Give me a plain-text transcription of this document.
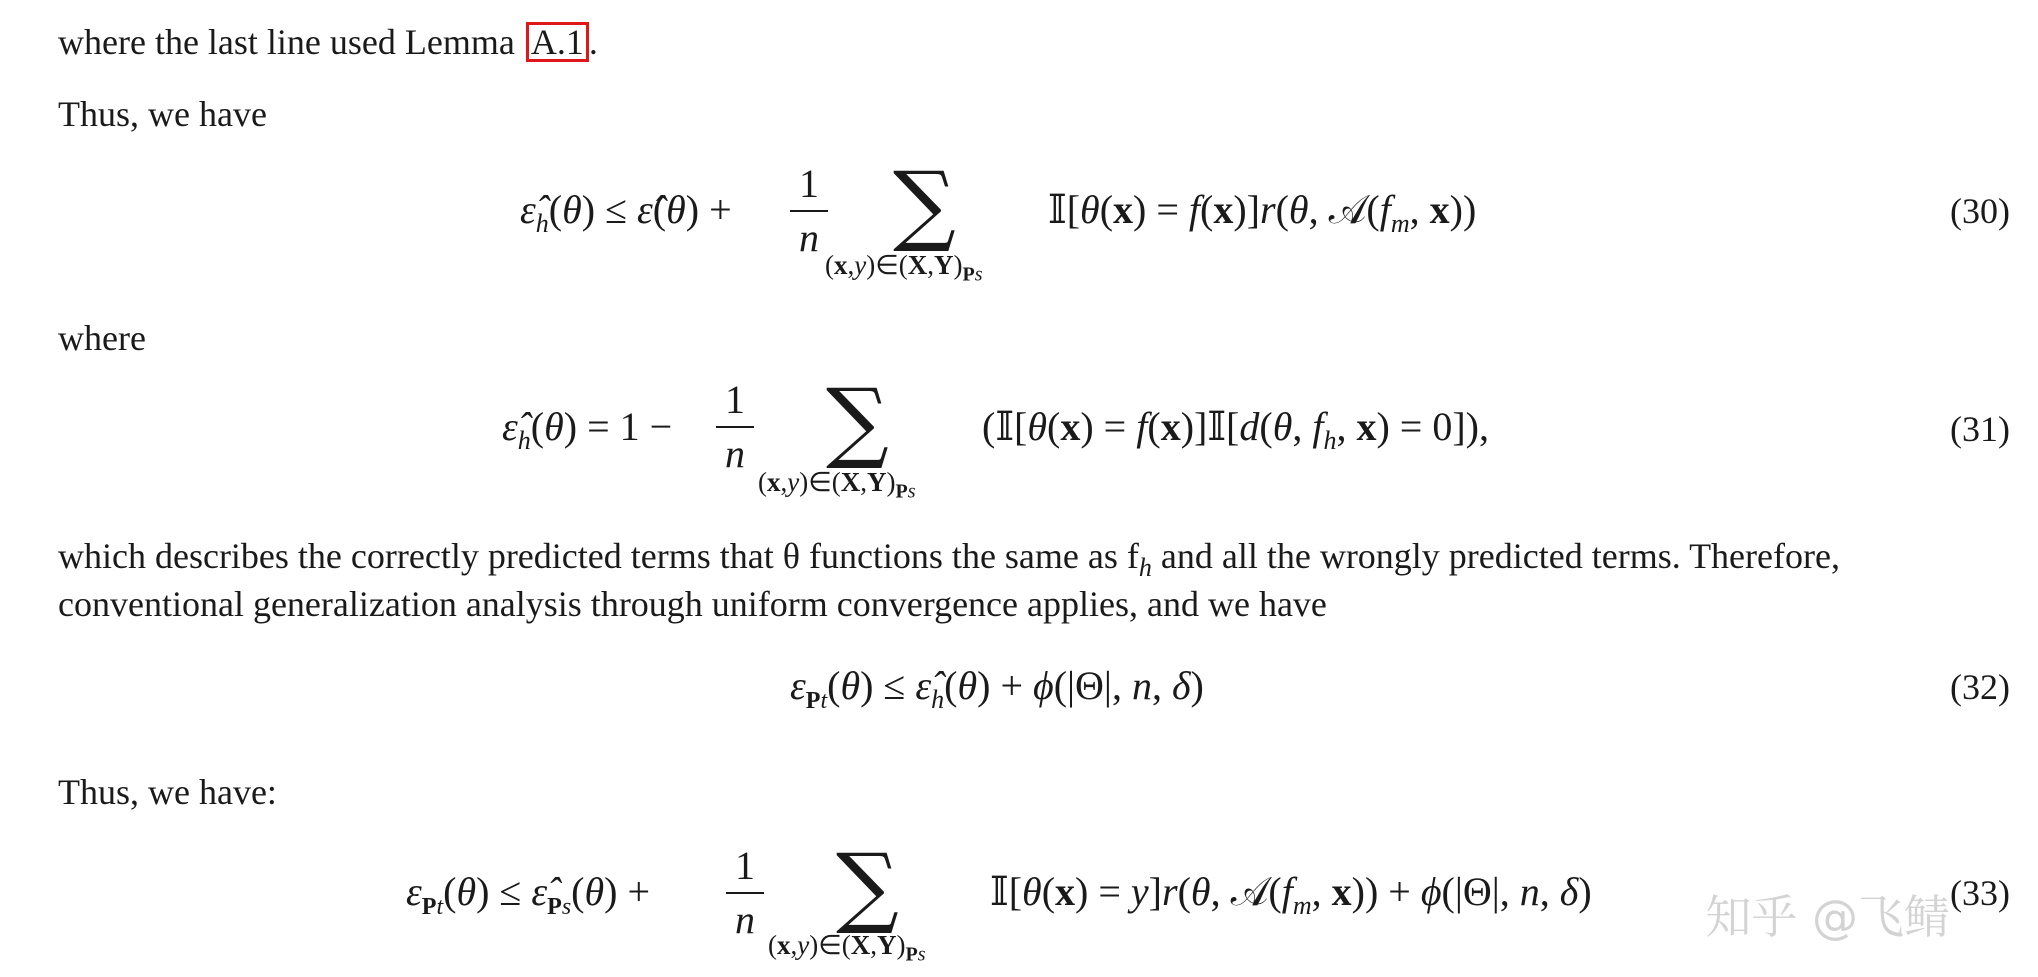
where the last line used Lemma A.1 .
Thus, we have
$\varepsilon̂_h(\theta)$ ≤ ε̂(θ) +
1
n ∑
$(x,y)\in(X,Y)_{Ps}$
𝕀[θ(x) = f(x)]r(θ, $𝒜(f_m$, x))	(30)
where
$\varepsilon̂_h(\theta) = 1$ −
1
n ∑
$(x,y)\in(X,Y)_{Ps}$
(𝕀[θ(x) = f(x)]𝕀[d(θ, $f_h$, x) = 0]),	(31)
which describes the correctly predicted terms that θ functions the same as $f_h$ and all the wrongly predicted terms. Therefore,
conventional generalization analysis through uniform convergence applies, and we have
$\varepsilon_{Pt}(\theta)$ ≤ $\varepsilon̂_h(\theta) + \phi(|\Theta|$, n, δ)	(32)
Thus, we have:
$\varepsilon_{Pt}(\theta)$ ≤ $\varepsilon̂_{Ps}(\theta)$ +
1
n ∑
$(x,y)\in(X,Y)_{Ps}$
𝕀[θ(x) = y]r(θ, $𝒜(f_m$, x)) + ϕ(|Θ|, n, δ)	(33)
知乎 @飞鲭
